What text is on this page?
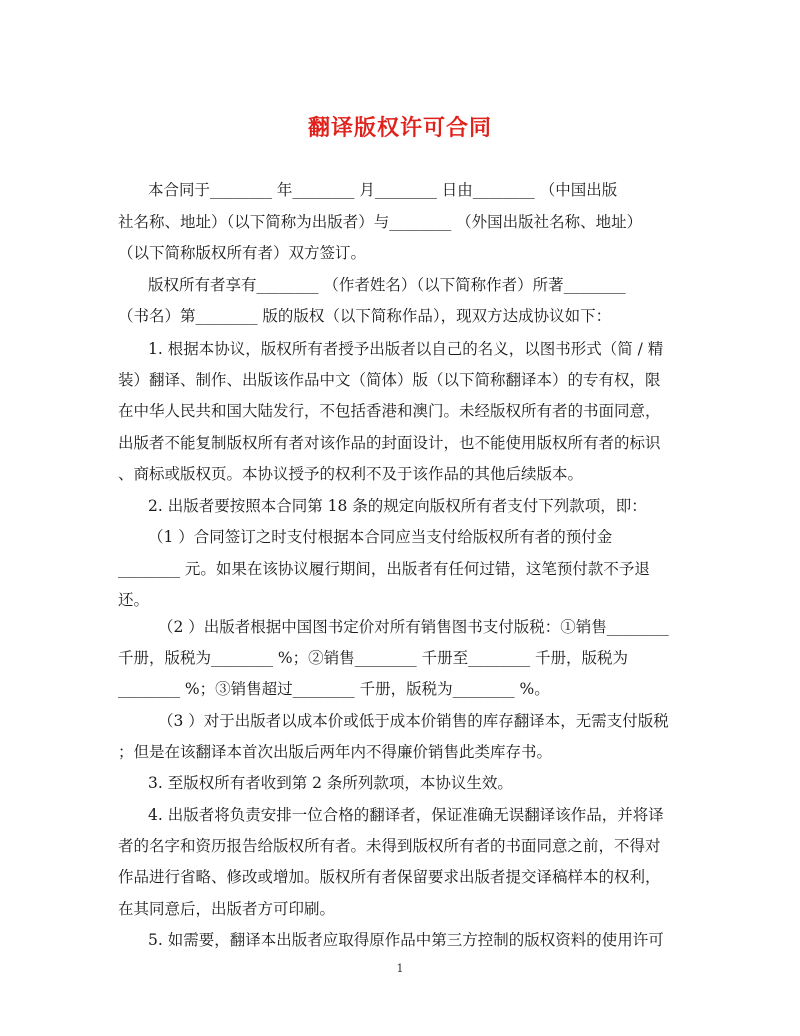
翻译版权许可合同
本合同于________ 年________ 月________ 日由________ （中国出版
社名称、地址）（以下简称为出版者）与________ （外国出版社名称、地址）
（以下简称版权所有者）双方签订。
版权所有者享有________ （作者姓名）（以下简称作者）所著________
（书名）第________ 版的版权（以下简称作品），现双方达成协议如下：
1. 根据本协议，版权所有者授予出版者以自己的名义，以图书形式（简 / 精
装）翻译、制作、出版该作品中文（简体）版（以下简称翻译本）的专有权，限
在中华人民共和国大陆发行，不包括香港和澳门。未经版权所有者的书面同意，
出版者不能复制版权所有者对该作品的封面设计，也不能使用版权所有者的标识
、商标或版权页。本协议授予的权利不及于该作品的其他后续版本。
2. 出版者要按照本合同第 18 条的规定向版权所有者支付下列款项，即：
（1 ）合同签订之时支付根据本合同应当支付给版权所有者的预付金
________ 元。如果在该协议履行期间，出版者有任何过错，这笔预付款不予退
还。
（2 ）出版者根据中国图书定价对所有销售图书支付版税：①销售________
千册，版税为________ %；②销售________ 千册至________ 千册，版税为
________ %；③销售超过________ 千册，版税为________ %。
（3 ）对于出版者以成本价或低于成本价销售的库存翻译本，无需支付版税
；但是在该翻译本首次出版后两年内不得廉价销售此类库存书。
3. 至版权所有者收到第 2 条所列款项，本协议生效。
4. 出版者将负责安排一位合格的翻译者，保证准确无误翻译该作品，并将译
者的名字和资历报告给版权所有者。未得到版权所有者的书面同意之前，不得对
作品进行省略、修改或增加。版权所有者保留要求出版者提交译稿样本的权利，
在其同意后，出版者方可印刷。
5. 如需要，翻译本出版者应取得原作品中第三方控制的版权资料的使用许可
1
